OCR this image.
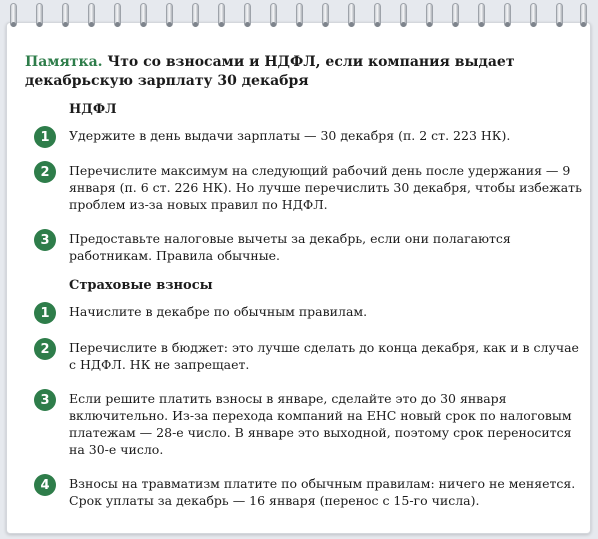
Памятка. Что со взносами и НДФЛ, если компания выдает декабрьскую зарплату 30 декабря
НДФЛ
1	Удержите в день выдачи зарплаты — 30 декабря (п. 2 ст. 223 НК).
2	Перечислите максимум на следующий рабочий день после удержания — 9 января (п. 6 ст. 226 НК). Но лучше перечислить 30 декабря, чтобы избежать проблем из-за новых правил по НДФЛ.
3	Предоставьте налоговые вычеты за декабрь, если они полагаются работникам. Правила обычные.
Страховые взносы
1	Начислите в декабре по обычным правилам.
2	Перечислите в бюджет: это лучше сделать до конца декабря, как и в случае с НДФЛ. НК не запрещает.
3	Если решите платить взносы в январе, сделайте это до 30 января включительно. Из-за перехода компаний на ЕНС новый срок по налоговым платежам — 28-е число. В январе это выходной, поэтому срок переносится на 30-е число.
4	Взносы на травматизм платите по обычным правилам: ничего не меняется. Срок уплаты за декабрь — 16 января (перенос с 15-го числа).
